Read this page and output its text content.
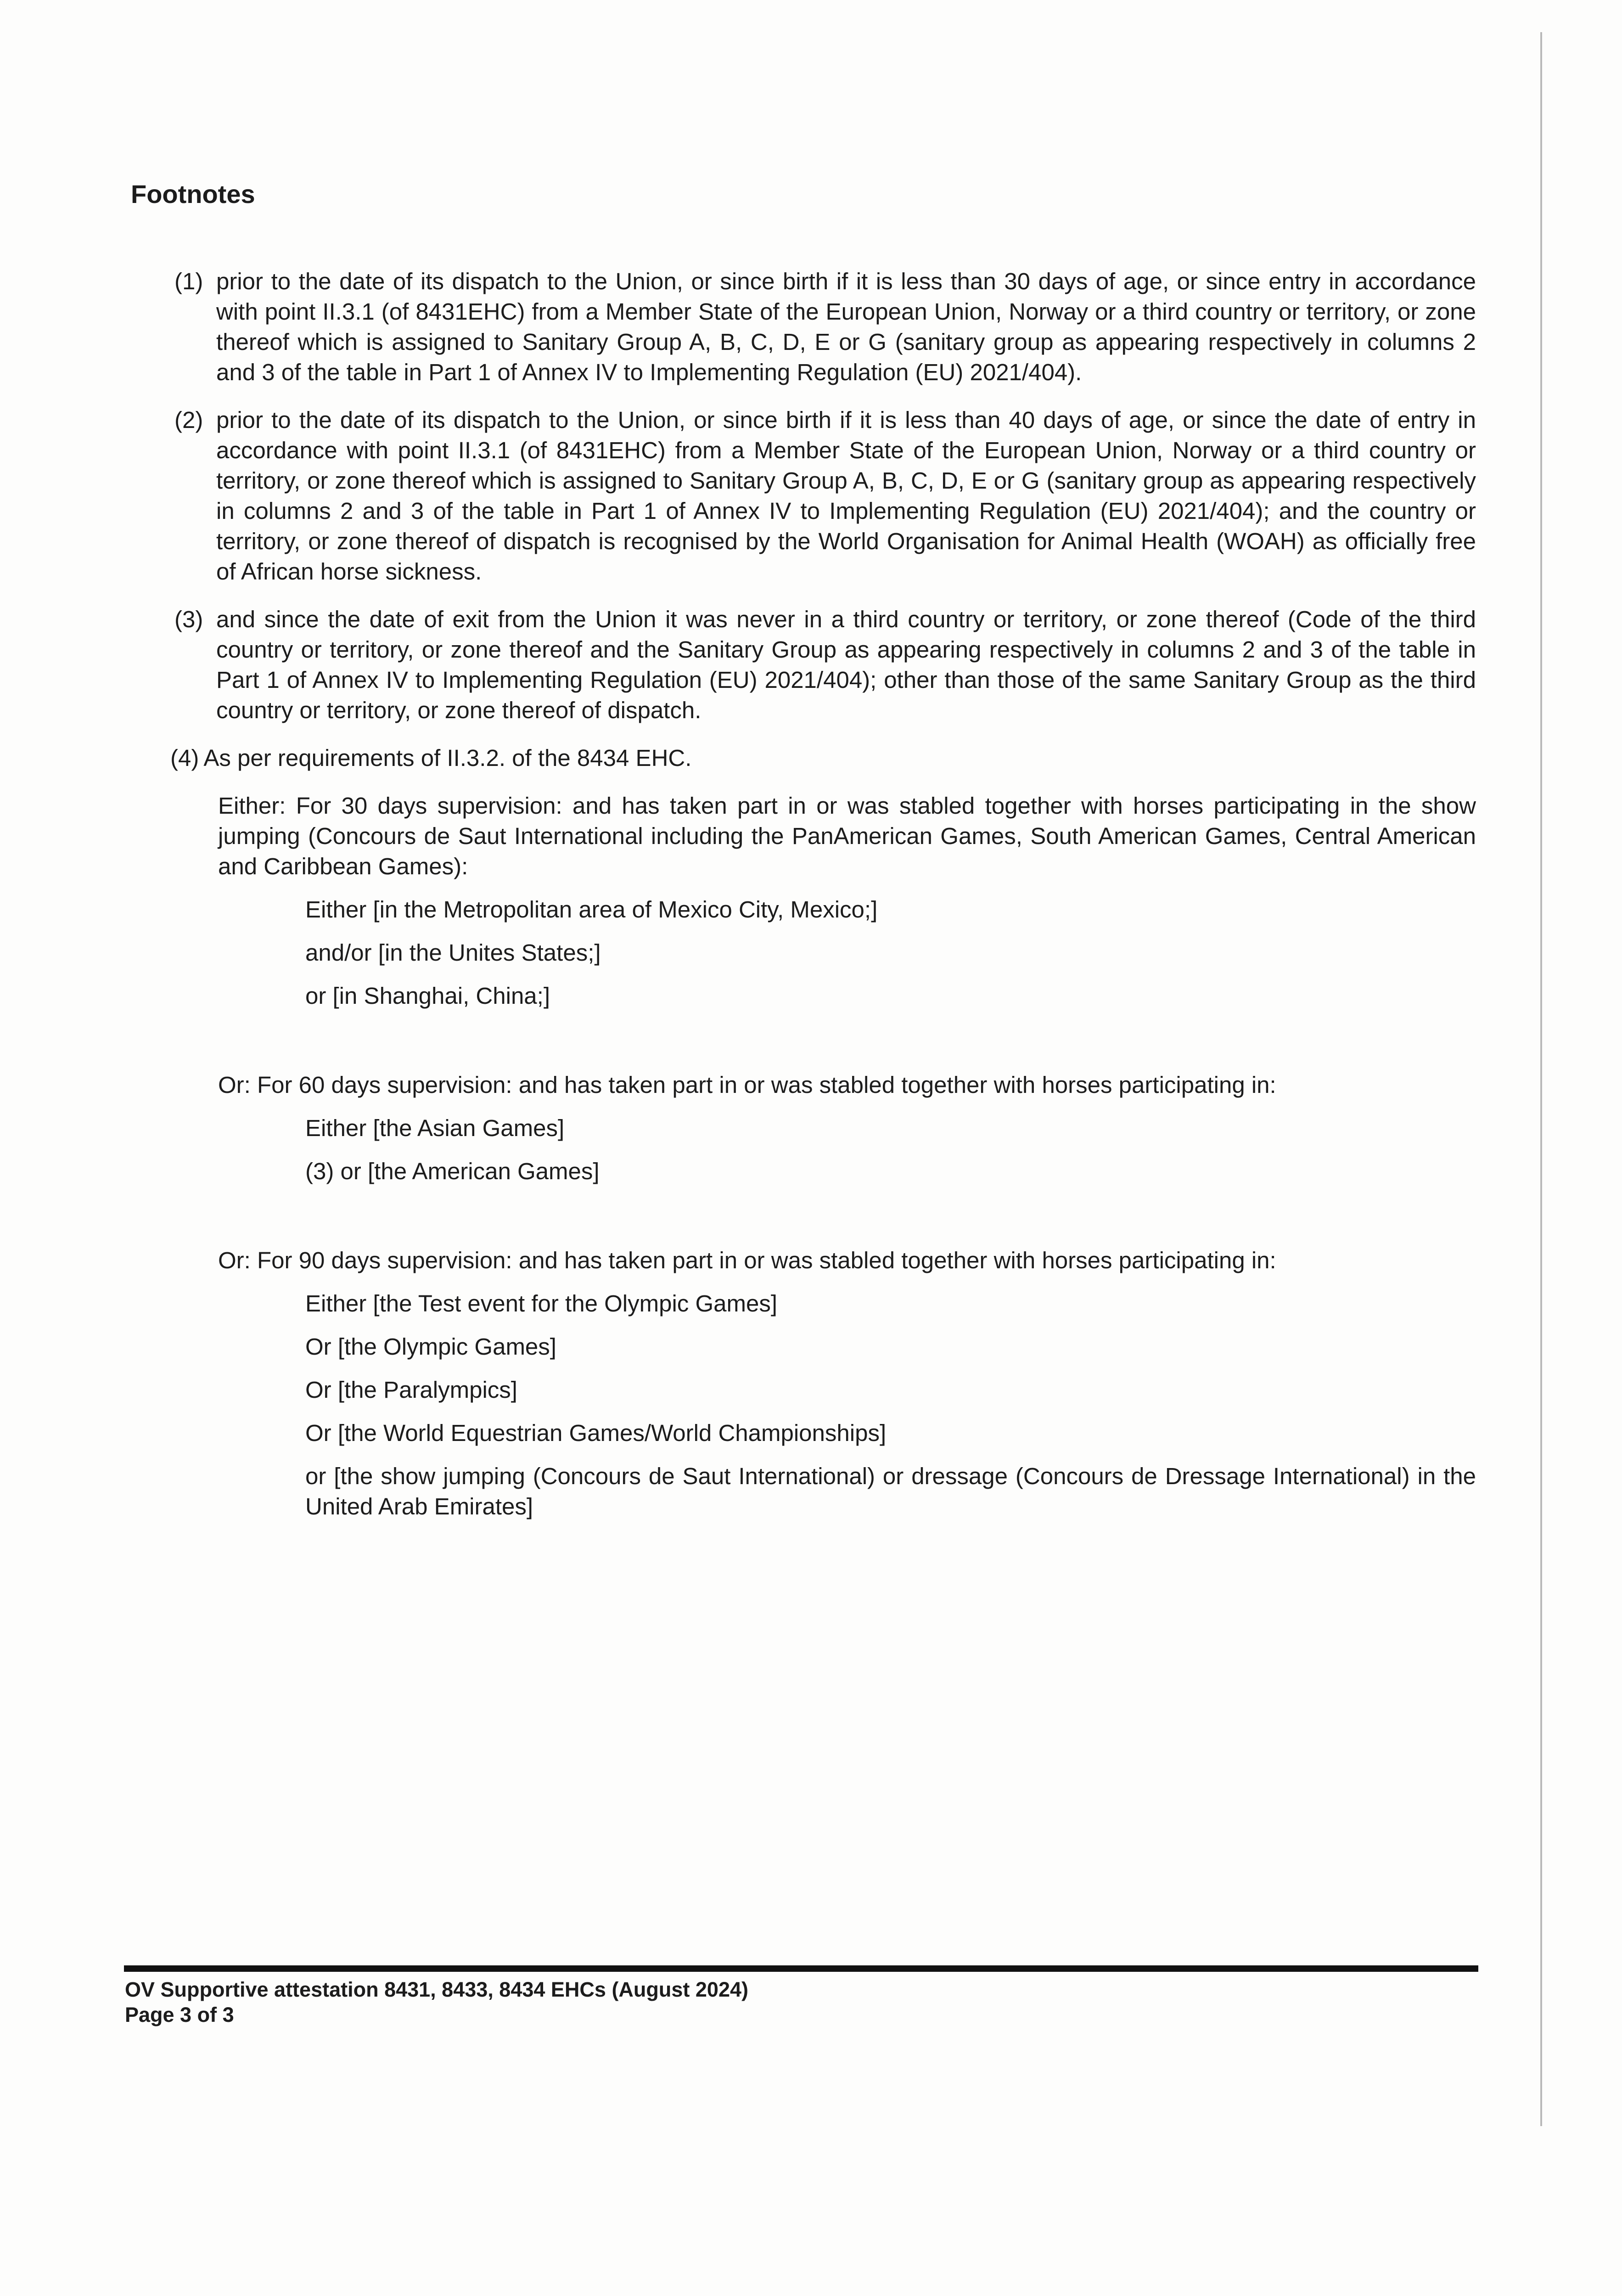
Footnotes
(1) prior to the date of its dispatch to the Union, or since birth if it is less than 30 days of age, or since entry in accordance with point II.3.1 (of 8431EHC) from a Member State of the European Union, Norway or a third country or territory, or zone thereof which is assigned to Sanitary Group A, B, C, D, E or G (sanitary group as appearing respectively in columns 2 and 3 of the table in Part 1 of Annex IV to Implementing Regulation (EU) 2021/404).
(2) prior to the date of its dispatch to the Union, or since birth if it is less than 40 days of age, or since the date of entry in accordance with point II.3.1 (of 8431EHC) from a Member State of the European Union, Norway or a third country or territory, or zone thereof which is assigned to Sanitary Group A, B, C, D, E or G (sanitary group as appearing respectively in columns 2 and 3 of the table in Part 1 of Annex IV to Implementing Regulation (EU) 2021/404); and the country or territory, or zone thereof of dispatch is recognised by the World Organisation for Animal Health (WOAH) as officially free of African horse sickness.
(3) and since the date of exit from the Union it was never in a third country or territory, or zone thereof (Code of the third country or territory, or zone thereof and the Sanitary Group as appearing respectively in columns 2 and 3 of the table in Part 1 of Annex IV to Implementing Regulation (EU) 2021/404); other than those of the same Sanitary Group as the third country or territory, or zone thereof of dispatch.
(4) As per requirements of II.3.2. of the 8434 EHC.

Either: For 30 days supervision: and has taken part in or was stabled together with horses participating in the show jumping (Concours de Saut International including the PanAmerican Games, South American Games, Central American and Caribbean Games):

Either [in the Metropolitan area of Mexico City, Mexico;]

and/or [in the Unites States;]

or [in Shanghai, China;]

Or: For 60 days supervision: and has taken part in or was stabled together with horses participating in:

Either [the Asian Games]

(3) or [the American Games]

Or: For 90 days supervision: and has taken part in or was stabled together with horses participating in:

Either [the Test event for the Olympic Games]

Or [the Olympic Games]

Or [the Paralympics]

Or [the World Equestrian Games/World Championships]

or [the show jumping (Concours de Saut International) or dressage (Concours de Dressage International) in the United Arab Emirates]

OV Supportive attestation 8431, 8433, 8434 EHCs (August 2024)
Page 3 of 3
